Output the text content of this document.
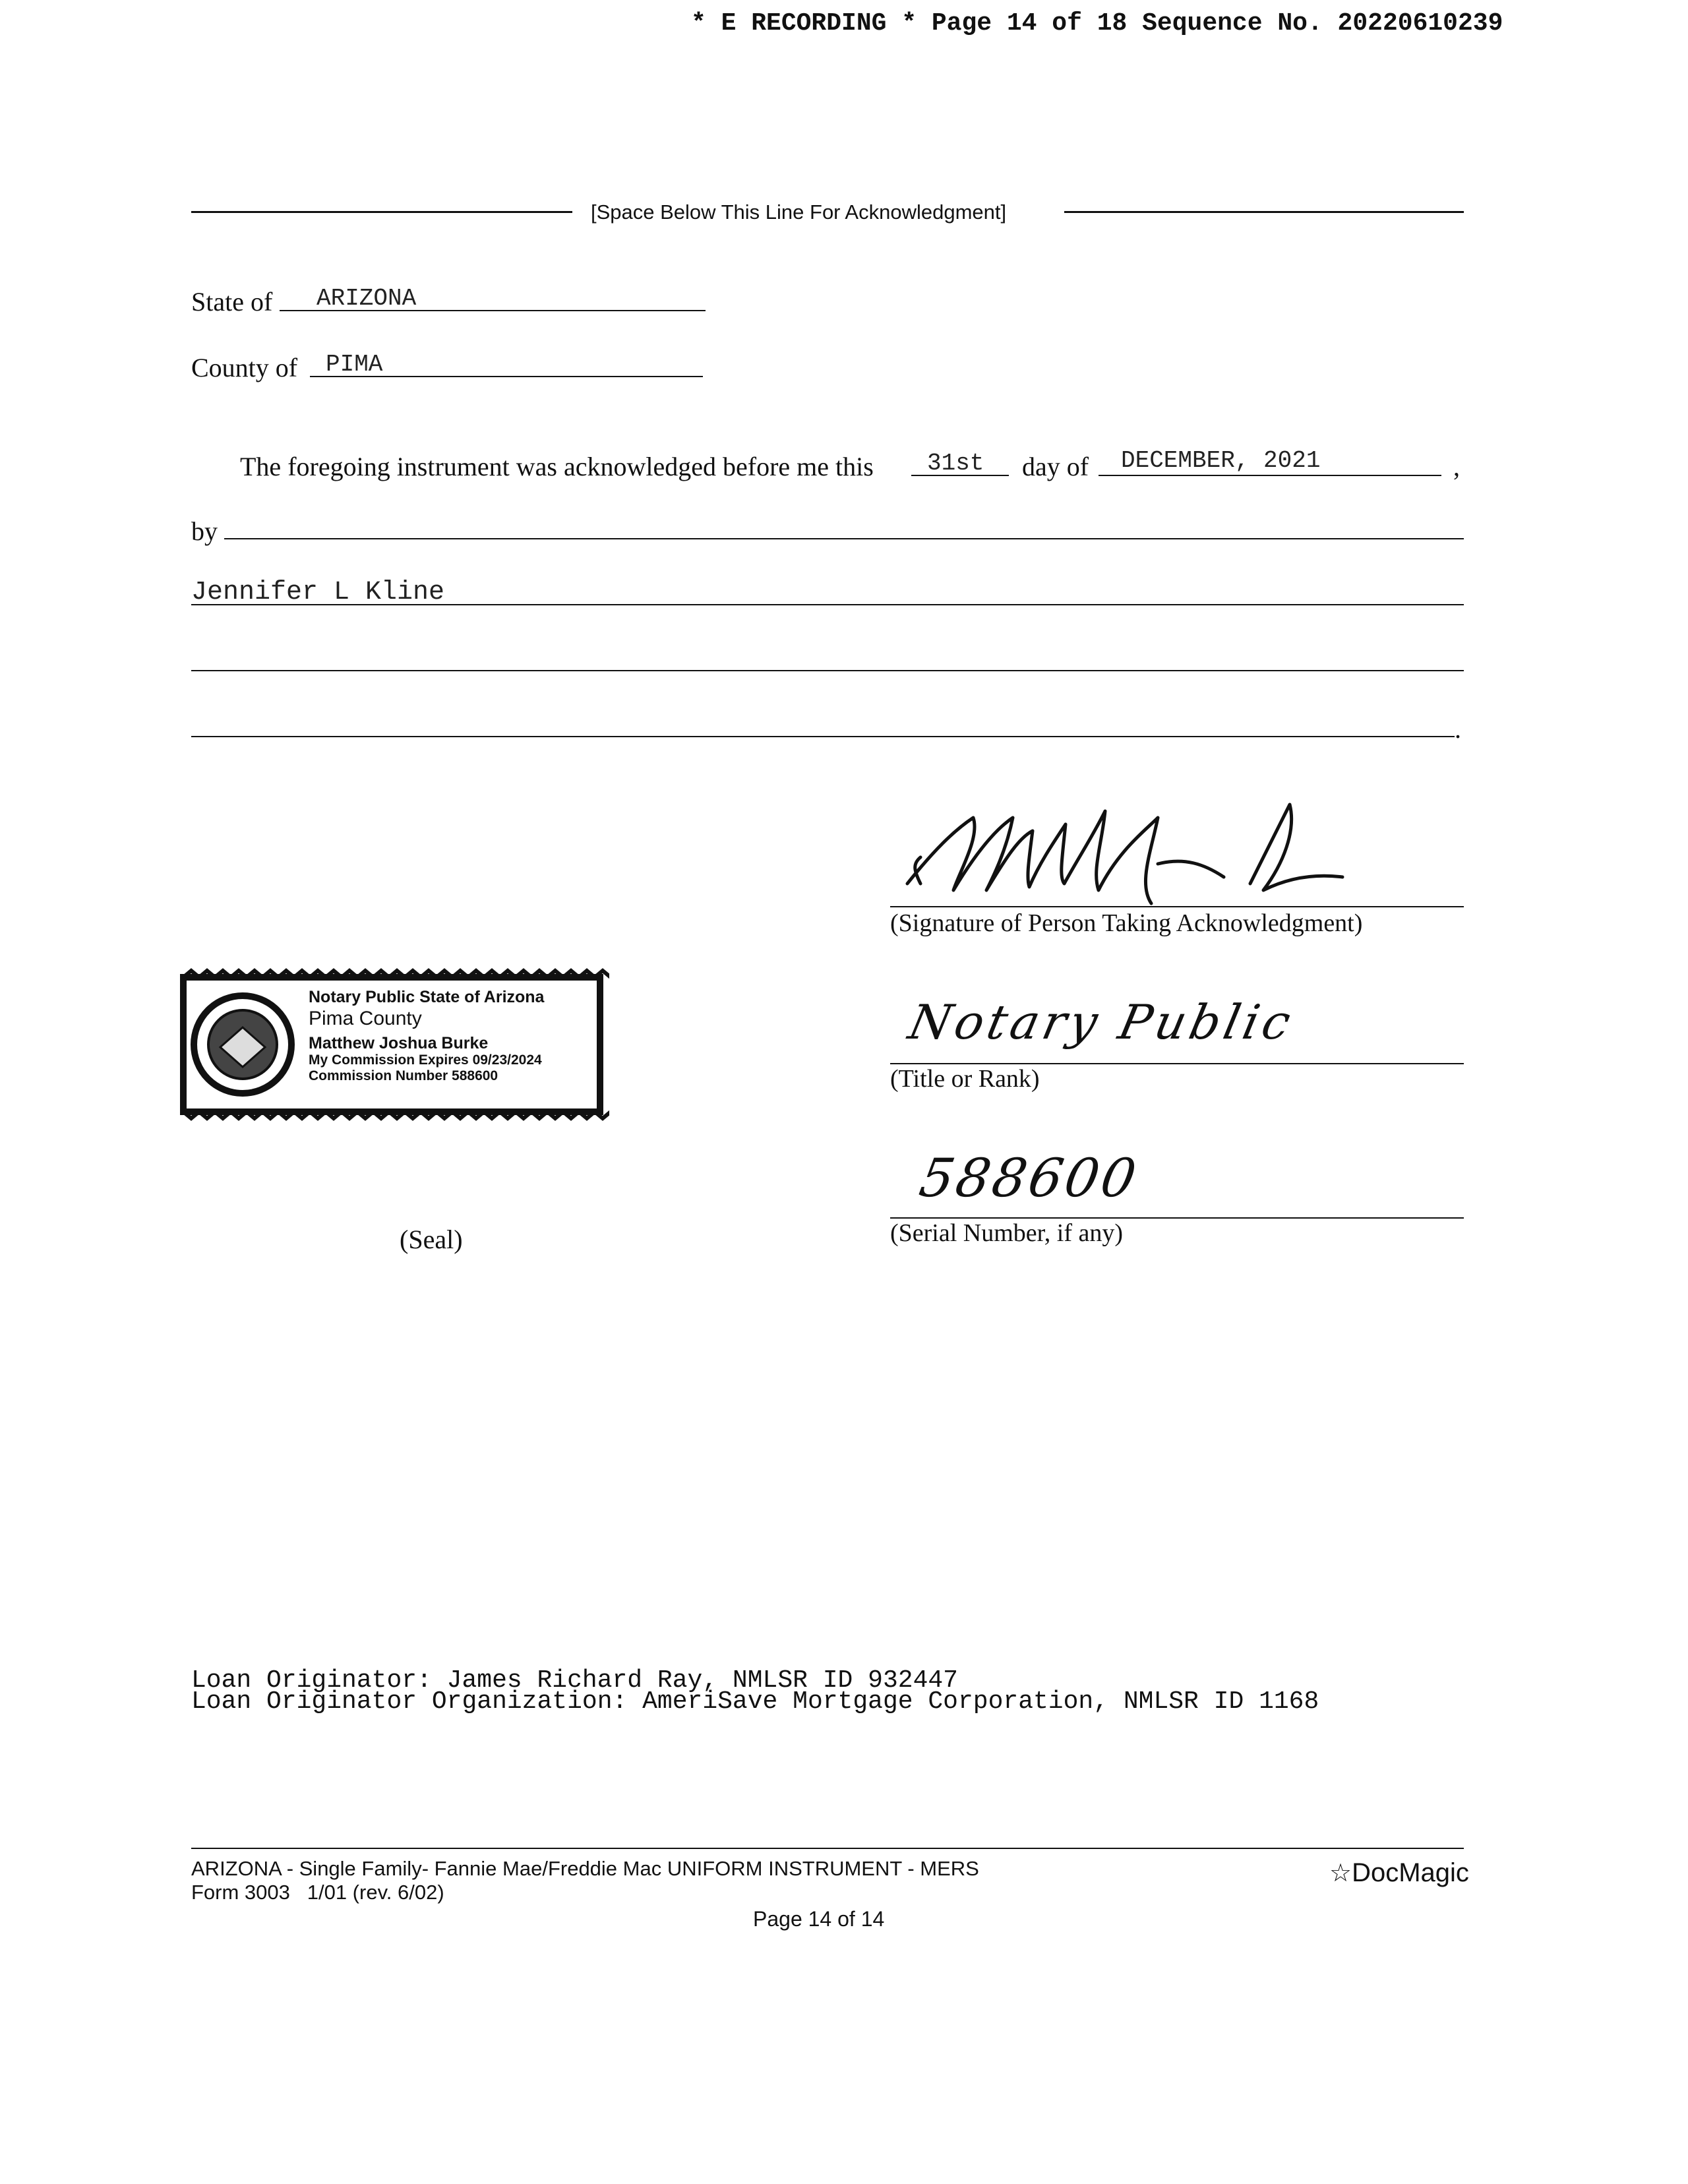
* E RECORDING * Page 14 of 18 Sequence No. 20220610239
[Space Below This Line For Acknowledgment]
State of ARIZONA
County of PIMA
The foregoing instrument was acknowledged before me this 31st day of DECEMBER, 2021	,
by
Jennifer L Kline
.
(Signature of Person Taking Acknowledgment)
Notary Public
(Title or Rank)
588600
(Serial Number, if any)
Notary Public State of Arizona
Pima County
Matthew Joshua Burke
My Commission Expires 09/23/2024
Commission Number 588600
(Seal)
Loan Originator: James Richard Ray, NMLSR ID 932447
Loan Originator Organization: AmeriSave Mortgage Corporation, NMLSR ID 1168
ARIZONA - Single Family- Fannie Mae/Freddie Mac UNIFORM INSTRUMENT - MERS
Form 3003   1/01 (rev. 6/02)
☆DocMagic
Page 14 of 14
